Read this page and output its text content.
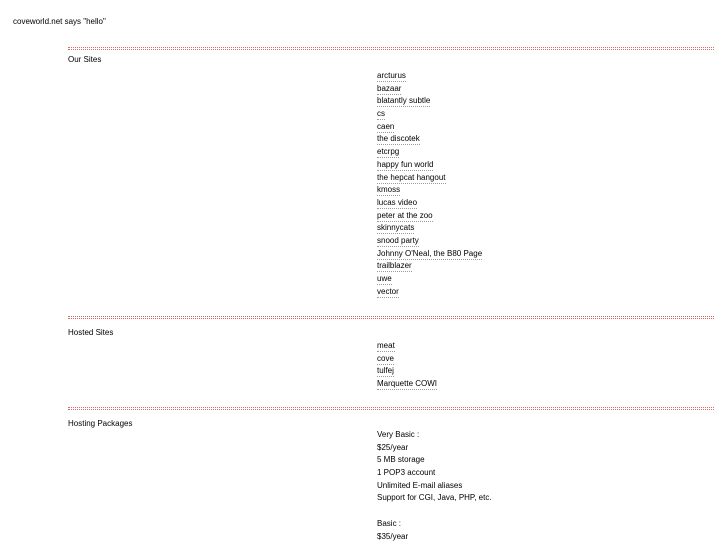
coveworld.net says "hello"
Our Sites
arcturus
bazaar
blatantly subtle
cs
caen
the discotek
etcrpg
happy fun world
the hepcat hangout
kmoss
lucas video
peter at the zoo
skinnycats
snood party
Johnny O'Neal, the B80 Page
trailblazer
uwe
vector
Hosted Sites
meat
cove
tulfej
Marquette COWI
Hosting Packages
Very Basic :
$25/year
5 MB storage
1 POP3 account
Unlimited E-mail aliases
Support for CGI, Java, PHP, etc.

Basic :
$35/year
